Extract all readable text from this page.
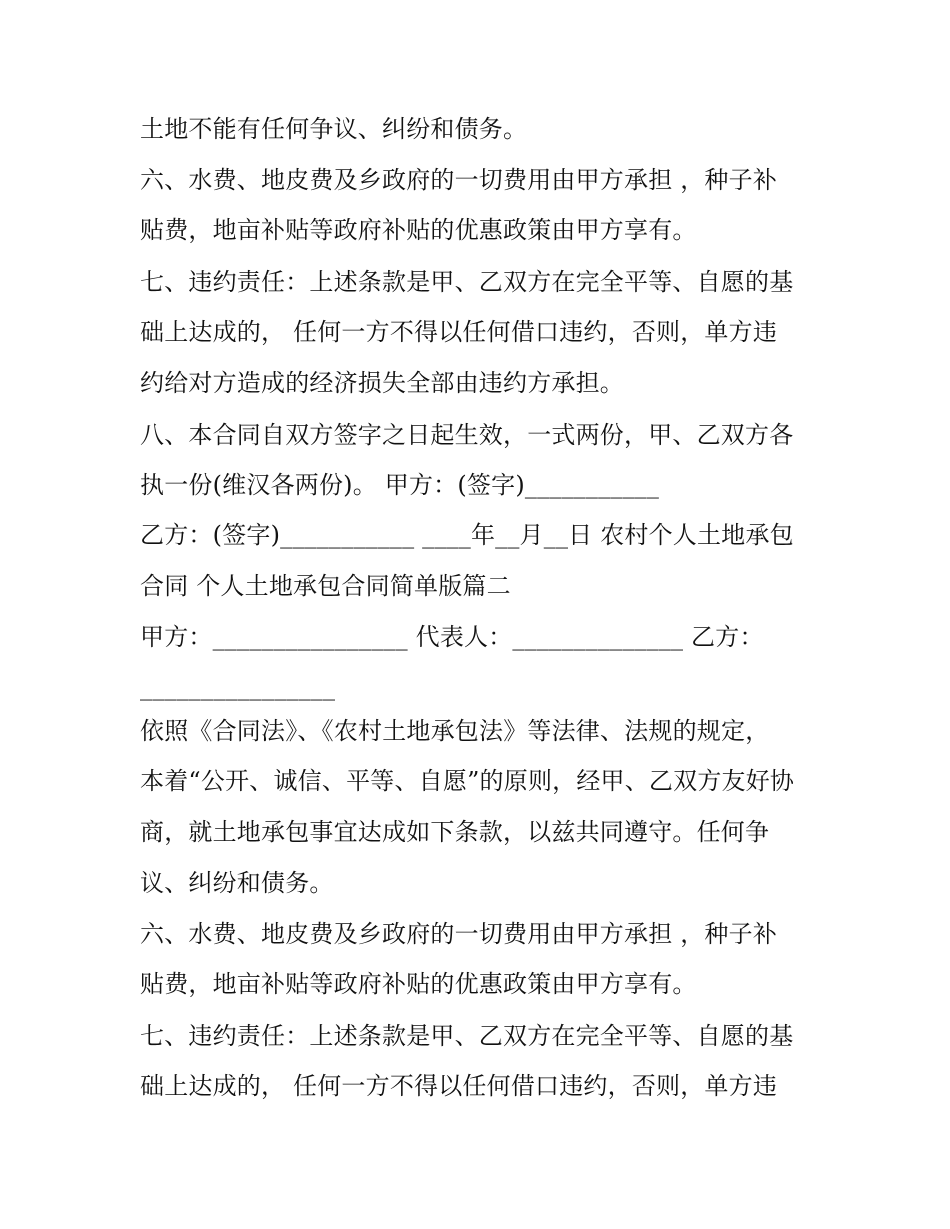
土地不能有任何争议、纠纷和债务。
六、水费、地皮费及乡政府的一切费用由甲方承担 ，种子补
贴费，地亩补贴等政府补贴的优惠政策由甲方享有。
七、违约责任：上述条款是甲、乙双方在完全平等、自愿的基
础上达成的， 任何一方不得以任何借口违约，否则，单方违
约给对方造成的经济损失全部由违约方承担。
八、本合同自双方签字之日起生效，一式两份，甲、乙双方各
执一份(维汉各两份)。 甲方：(签字)___________
乙方：(签字)___________ ____年__月__日 农村个人土地承包
合同 个人土地承包合同简单版篇二
甲方：________________ 代表人：______________ 乙方：
________________
依照《合同法》、《农村土地承包法》等法律、法规的规定，
本着“公开、诚信、平等、自愿”的原则，经甲、乙双方友好协
商，就土地承包事宜达成如下条款，以兹共同遵守。任何争
议、纠纷和债务。
六、水费、地皮费及乡政府的一切费用由甲方承担 ，种子补
贴费，地亩补贴等政府补贴的优惠政策由甲方享有。
七、违约责任：上述条款是甲、乙双方在完全平等、自愿的基
础上达成的， 任何一方不得以任何借口违约，否则，单方违
